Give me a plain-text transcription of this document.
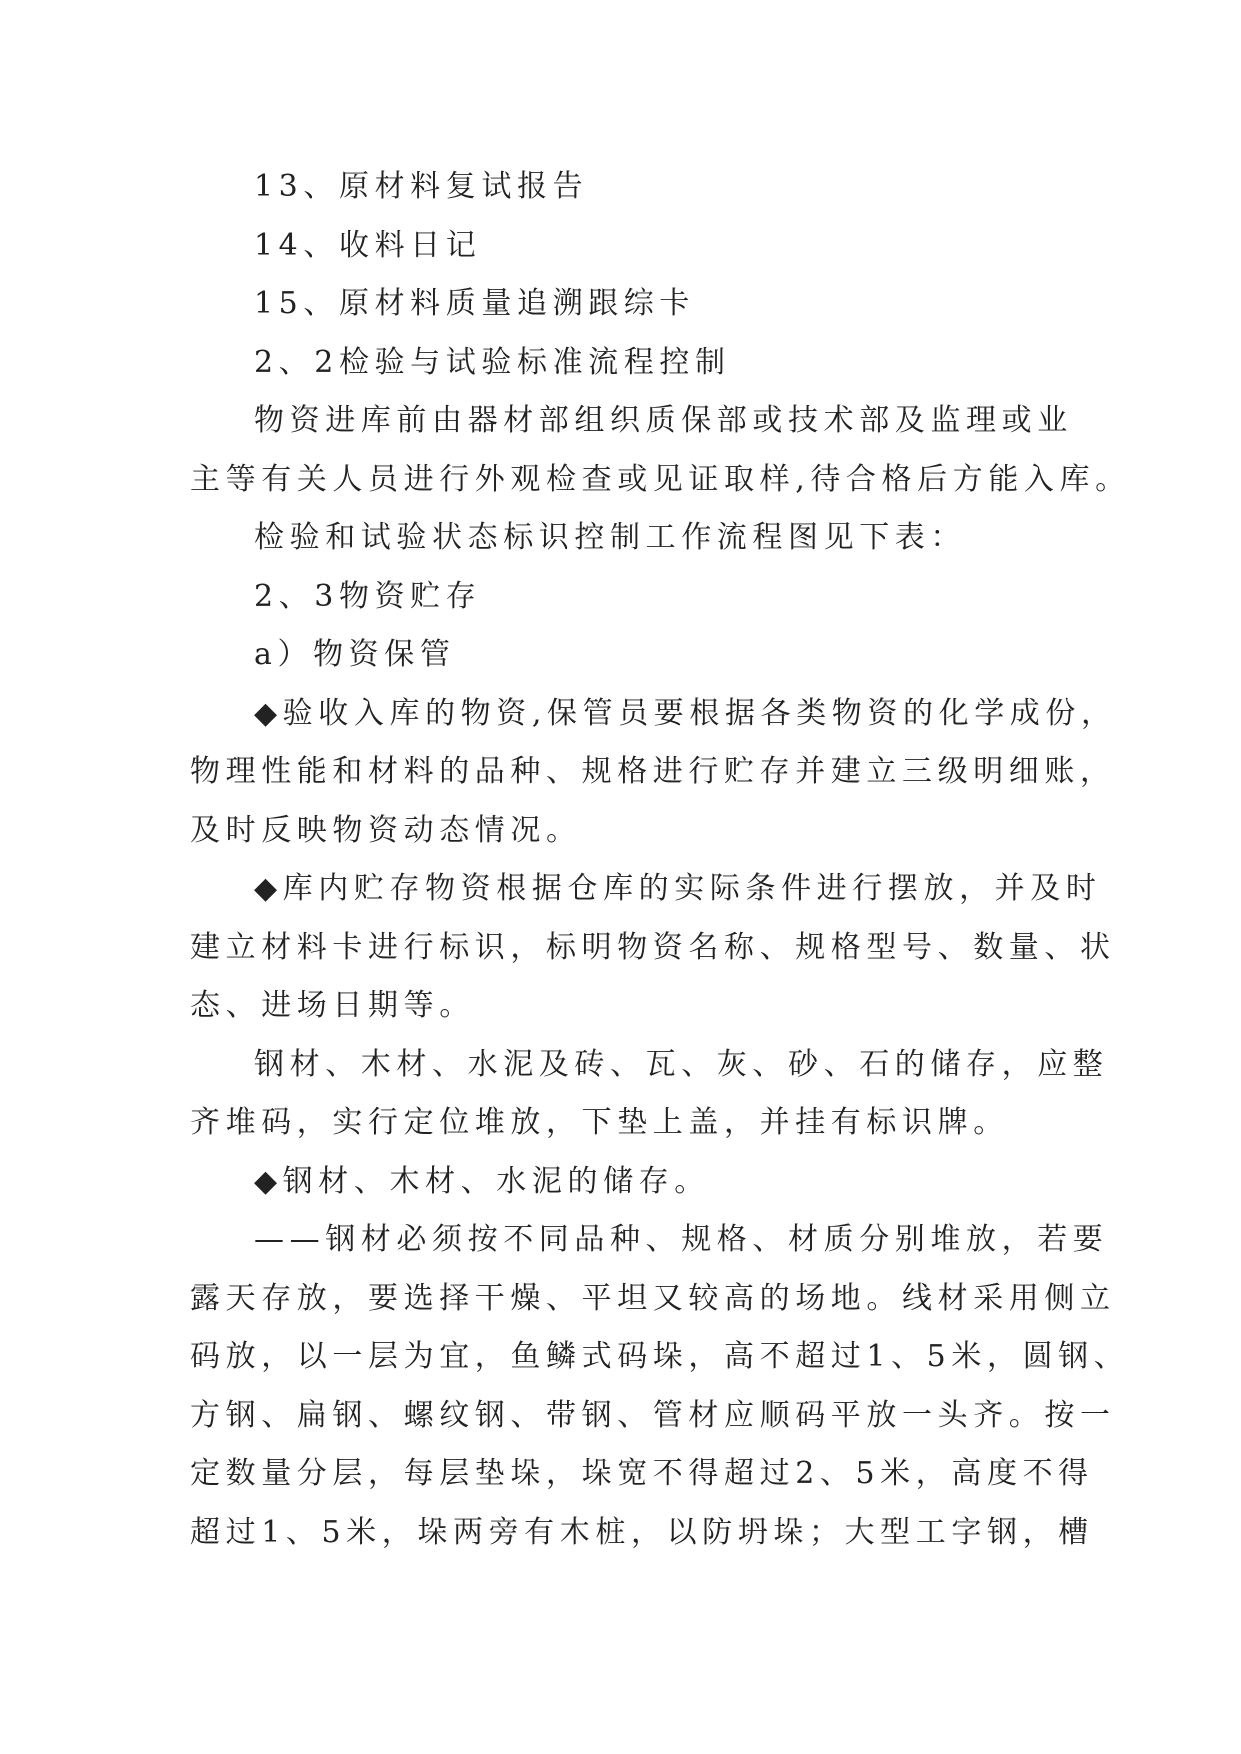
13、原材料复试报告

14、收料日记

15、原材料质量追溯跟综卡

2、2检验与试验标准流程控制

物资进库前由器材部组织质保部或技术部及监理或业

主等有关人员进行外观检查或见证取样,待合格后方能入库。

检验和试验状态标识控制工作流程图见下表：

2、3物资贮存

a）物资保管

◆验收入库的物资,保管员要根据各类物资的化学成份，

物理性能和材料的品种、规格进行贮存并建立三级明细账，

及时反映物资动态情况。

◆库内贮存物资根据仓库的实际条件进行摆放，并及时

建立材料卡进行标识，标明物资名称、规格型号、数量、状

态、进场日期等。

钢材、木材、水泥及砖、瓦、灰、砂、石的储存，应整

齐堆码，实行定位堆放，下垫上盖，并挂有标识牌。

◆钢材、木材、水泥的储存。

——钢材必须按不同品种、规格、材质分别堆放，若要

露天存放，要选择干燥、平坦又较高的场地。线材采用侧立

码放，以一层为宜，鱼鳞式码垛，高不超过1、5米，圆钢、

方钢、扁钢、螺纹钢、带钢、管材应顺码平放一头齐。按一

定数量分层，每层垫垛，垛宽不得超过2、5米，高度不得

超过1、5米，垛两旁有木桩，以防坍垛；大型工字钢，槽
